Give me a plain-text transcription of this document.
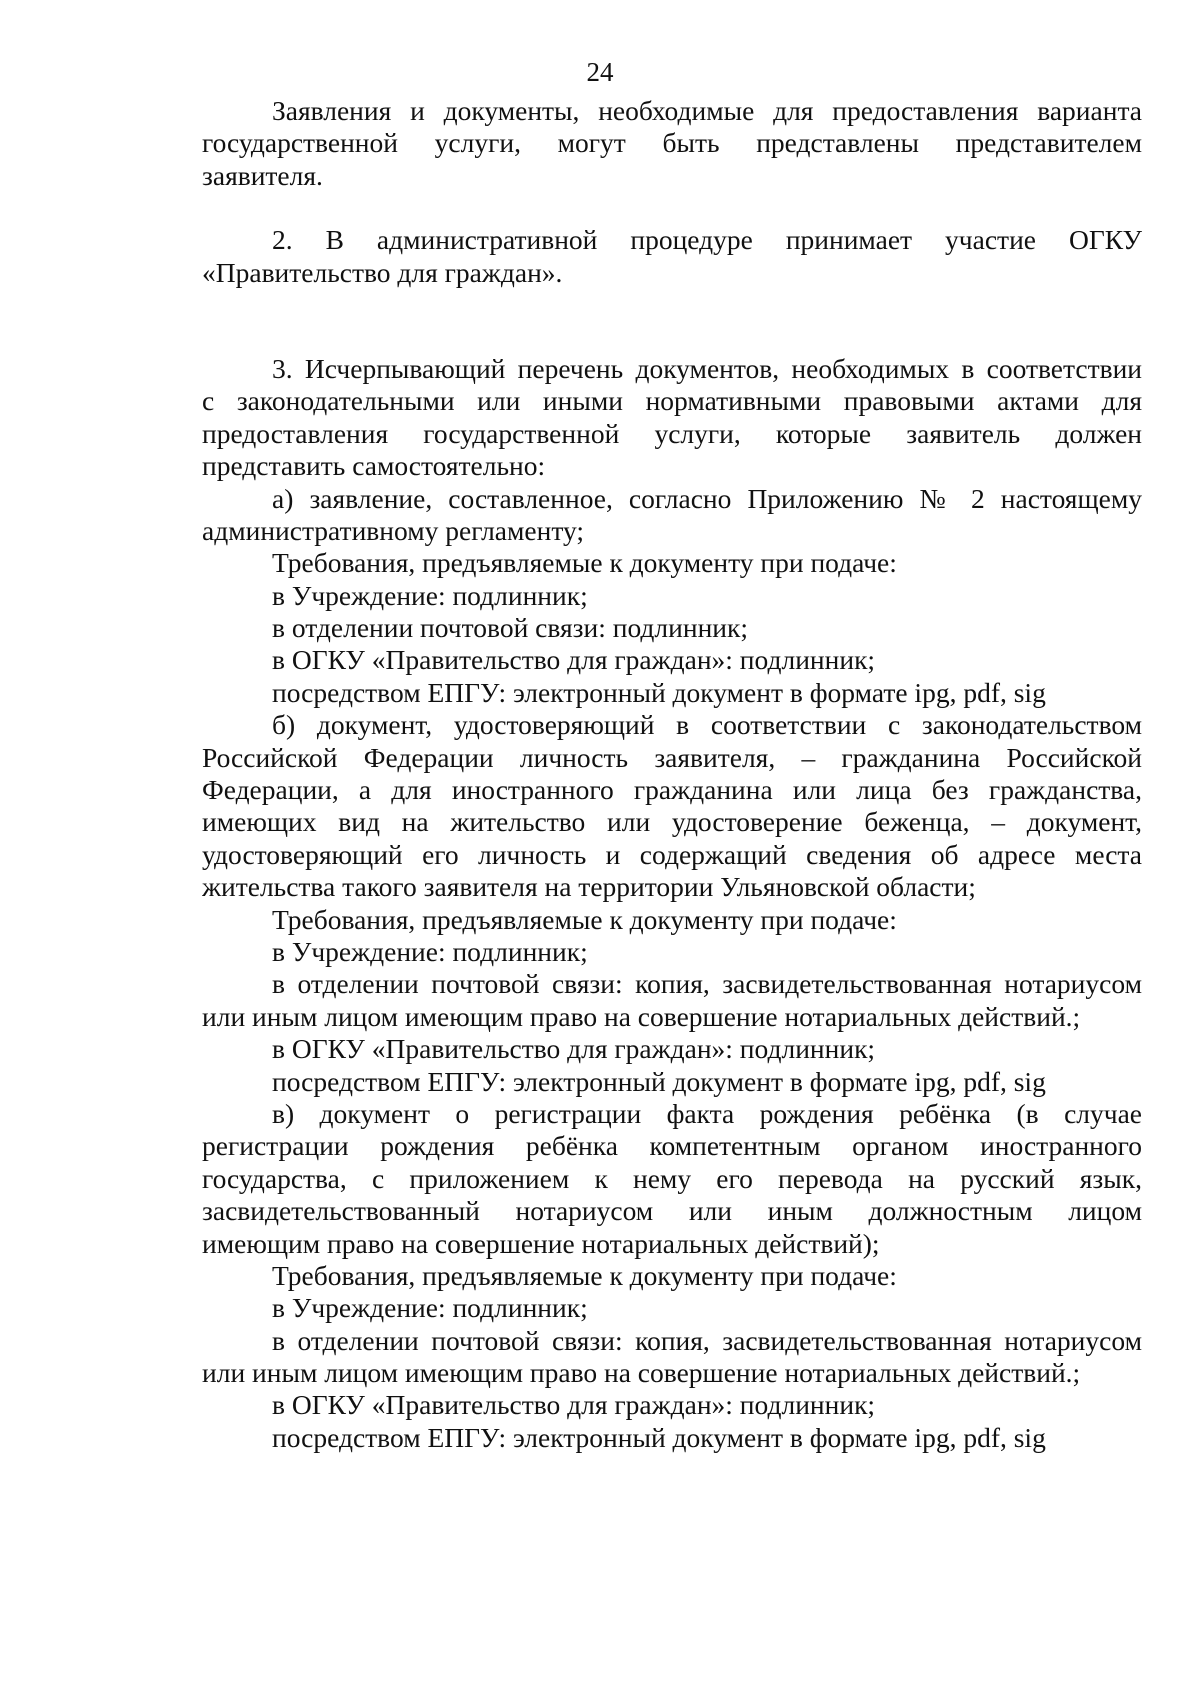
24
Заявления и документы, необходимые для предоставления варианта
государственной услуги, могут быть представлены представителем
заявителя.
2. В административной процедуре принимает участие ОГКУ
«Правительство для граждан».
3. Исчерпывающий перечень документов, необходимых в соответствии
с законодательными или иными нормативными правовыми актами для
предоставления государственной услуги, которые заявитель должен
представить самостоятельно:
а) заявление, составленное, согласно Приложению № 2 настоящему
административному регламенту;
Требования, предъявляемые к документу при подаче:
в Учреждение: подлинник;
в отделении почтовой связи: подлинник;
в ОГКУ «Правительство для граждан»: подлинник;
посредством ЕПГУ: электронный документ в формате ipg, pdf, sig
б) документ, удостоверяющий в соответствии с законодательством
Российской Федерации личность заявителя, – гражданина Российской
Федерации, а для иностранного гражданина или лица без гражданства,
имеющих вид на жительство или удостоверение беженца, – документ,
удостоверяющий его личность и содержащий сведения об адресе места
жительства такого заявителя на территории Ульяновской области;
Требования, предъявляемые к документу при подаче:
в Учреждение: подлинник;
в отделении почтовой связи: копия, засвидетельствованная нотариусом
или иным лицом имеющим право на совершение нотариальных действий.;
в ОГКУ «Правительство для граждан»: подлинник;
посредством ЕПГУ: электронный документ в формате ipg, pdf, sig
в) документ о регистрации факта рождения ребёнка (в случае
регистрации рождения ребёнка компетентным органом иностранного
государства, с приложением к нему его перевода на русский язык,
засвидетельствованный нотариусом или иным должностным лицом
имеющим право на совершение нотариальных действий);
Требования, предъявляемые к документу при подаче:
в Учреждение: подлинник;
в отделении почтовой связи: копия, засвидетельствованная нотариусом
или иным лицом имеющим право на совершение нотариальных действий.;
в ОГКУ «Правительство для граждан»: подлинник;
посредством ЕПГУ: электронный документ в формате ipg, pdf, sig
